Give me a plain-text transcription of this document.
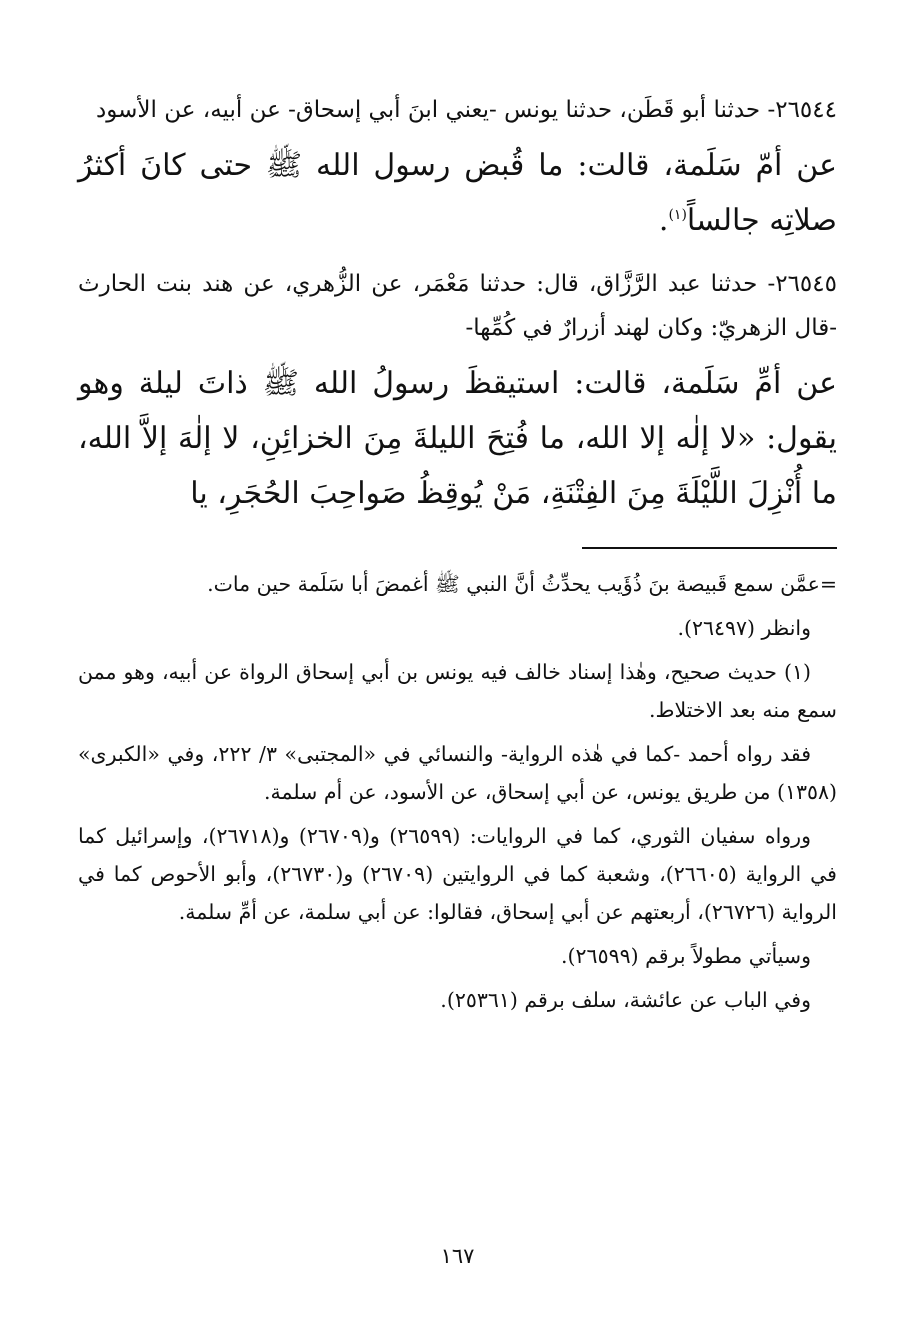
٢٦٥٤٤- حدثنا أبو قَطَن، حدثنا يونس -يعني ابنَ أبي إسحاق- عن أبيه، عن الأسود

عن أمّ سَلَمة، قالت: ما قُبض رسول الله ﷺ حتى كانَ أكثرُ صلاتِه جالساً$^{(١)}$.

٢٦٥٤٥- حدثنا عبد الرَّزَّاق، قال: حدثنا مَعْمَر، عن الزُّهري، عن هند بنت الحارث -قال الزهريّ: وكان لهند أزرارٌ في كُمِّها-

عن أمِّ سَلَمة، قالت: استيقظَ رسولُ الله ﷺ ذاتَ ليلة وهو يقول: «لا إلٰه إلا الله، ما فُتِحَ الليلةَ مِنَ الخزائِنِ، لا إلٰهَ إلاَّ الله، ما أُنْزِلَ اللَّيْلَةَ مِنَ الفِتْنَةِ، مَنْ يُوقِظُ صَواحِبَ الحُجَرِ، يا

=عمَّن سمع قَبيصة بنَ ذُؤَيب يحدِّثُ أنَّ النبي ﷺ أغمضَ أبا سَلَمة حين مات.

وانظر (٢٦٤٩٧).

(١) حديث صحيح، وهٰذا إسناد خالف فيه يونس بن أبي إسحاق الرواة عن أبيه، وهو ممن سمع منه بعد الاختلاط.

فقد رواه أحمد -كما في هٰذه الرواية- والنسائي في «المجتبى» ٣/ ٢٢٢، وفي «الكبرى» (١٣٥٨) من طريق يونس، عن أبي إسحاق، عن الأسود، عن أم سلمة.

ورواه سفيان الثوري، كما في الروايات: (٢٦٥٩٩) و(٢٦٧٠٩) و(٢٦٧١٨)، وإسرائيل كما في الرواية (٢٦٦٠٥)، وشعبة كما في الروايتين (٢٦٧٠٩) و(٢٦٧٣٠)، وأبو الأحوص كما في الرواية (٢٦٧٢٦)، أربعتهم عن أبي إسحاق، فقالوا: عن أبي سلمة، عن أمِّ سلمة.

وسيأتي مطولاً برقم (٢٦٥٩٩).

وفي الباب عن عائشة، سلف برقم (٢٥٣٦١).

١٦٧
